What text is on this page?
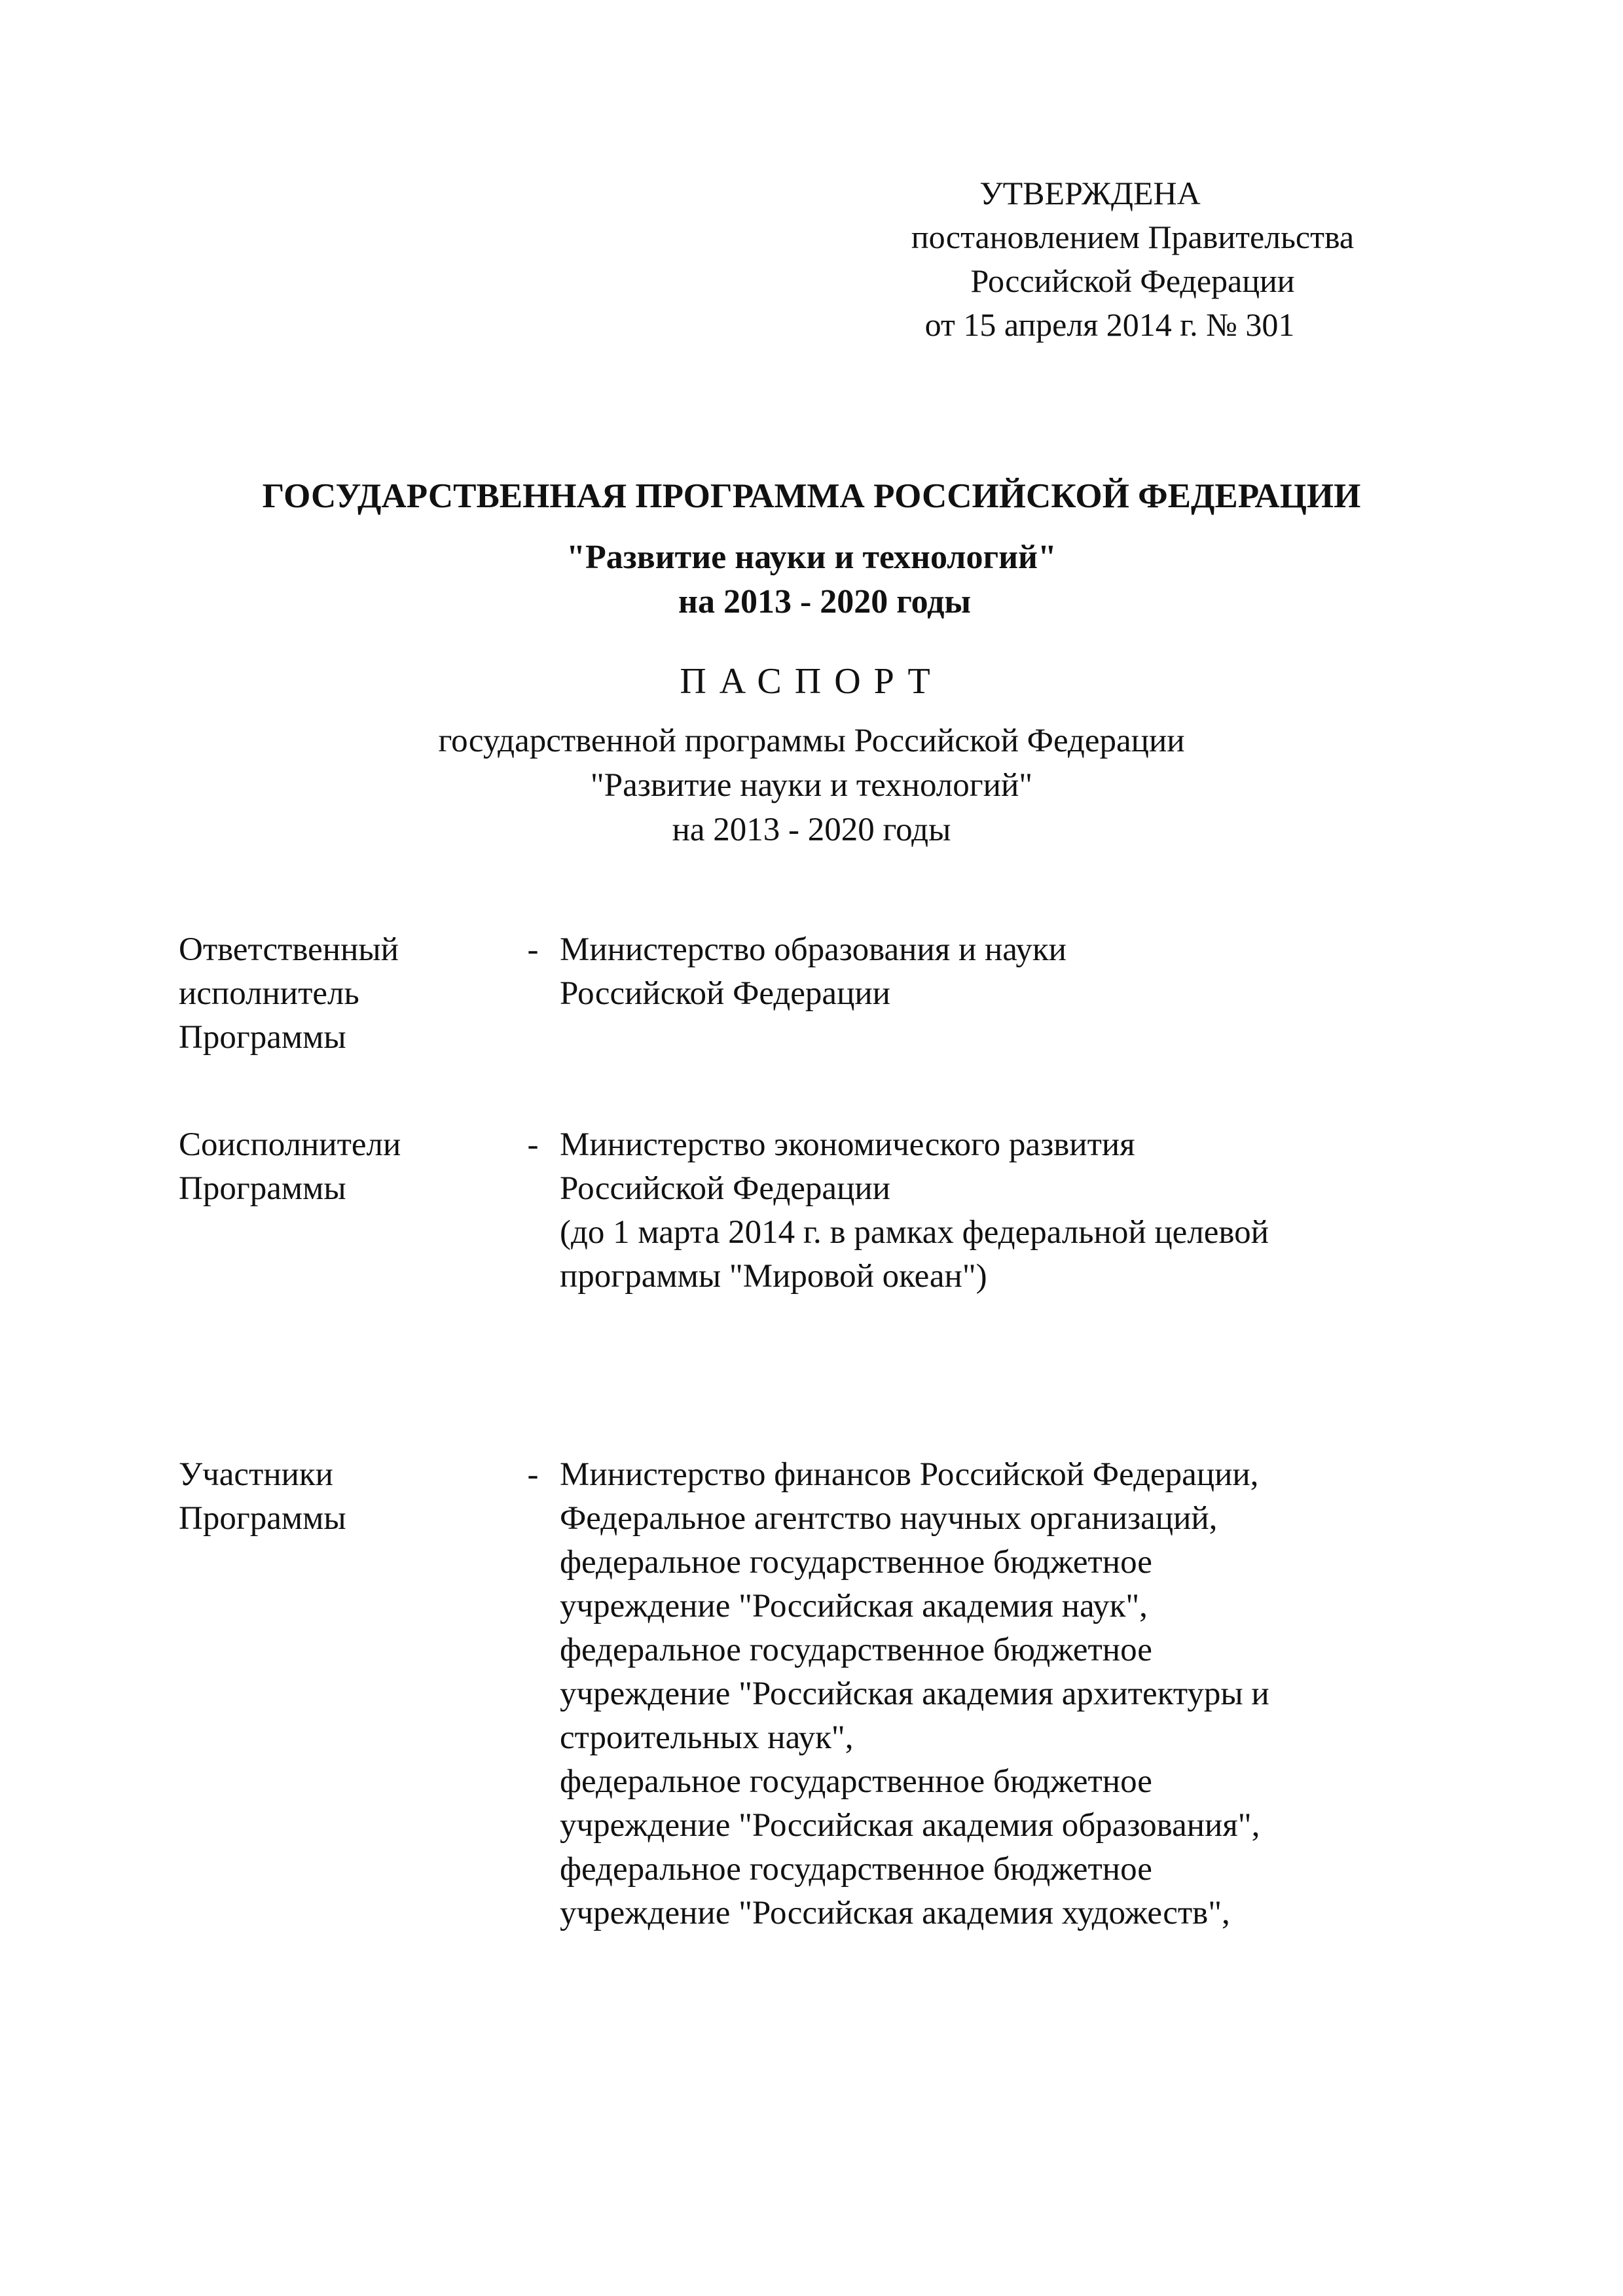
УТВЕРЖДЕНА
постановлением Правительства
Российской Федерации
от 15 апреля 2014 г. № 301
ГОСУДАРСТВЕННАЯ ПРОГРАММА РОССИЙСКОЙ ФЕДЕРАЦИИ
"Развитие науки и технологий"
на 2013 - 2020 годы
ПАСПОРТ
государственной программы Российской Федерации
"Развитие науки и технологий"
на 2013 - 2020 годы
Ответственный
исполнитель
Программы
- Министерство образования и науки
Российской Федерации
Соисполнители
Программы
- Министерство экономического развития
Российской Федерации
(до 1 марта 2014 г. в рамках федеральной целевой
программы "Мировой океан")
Участники
Программы
- Министерство финансов Российской Федерации,
Федеральное агентство научных организаций,
федеральное государственное бюджетное
учреждение "Российская академия наук",
федеральное государственное бюджетное
учреждение "Российская академия архитектуры и
строительных наук",
федеральное государственное бюджетное
учреждение "Российская академия образования",
федеральное государственное бюджетное
учреждение "Российская академия художеств",
